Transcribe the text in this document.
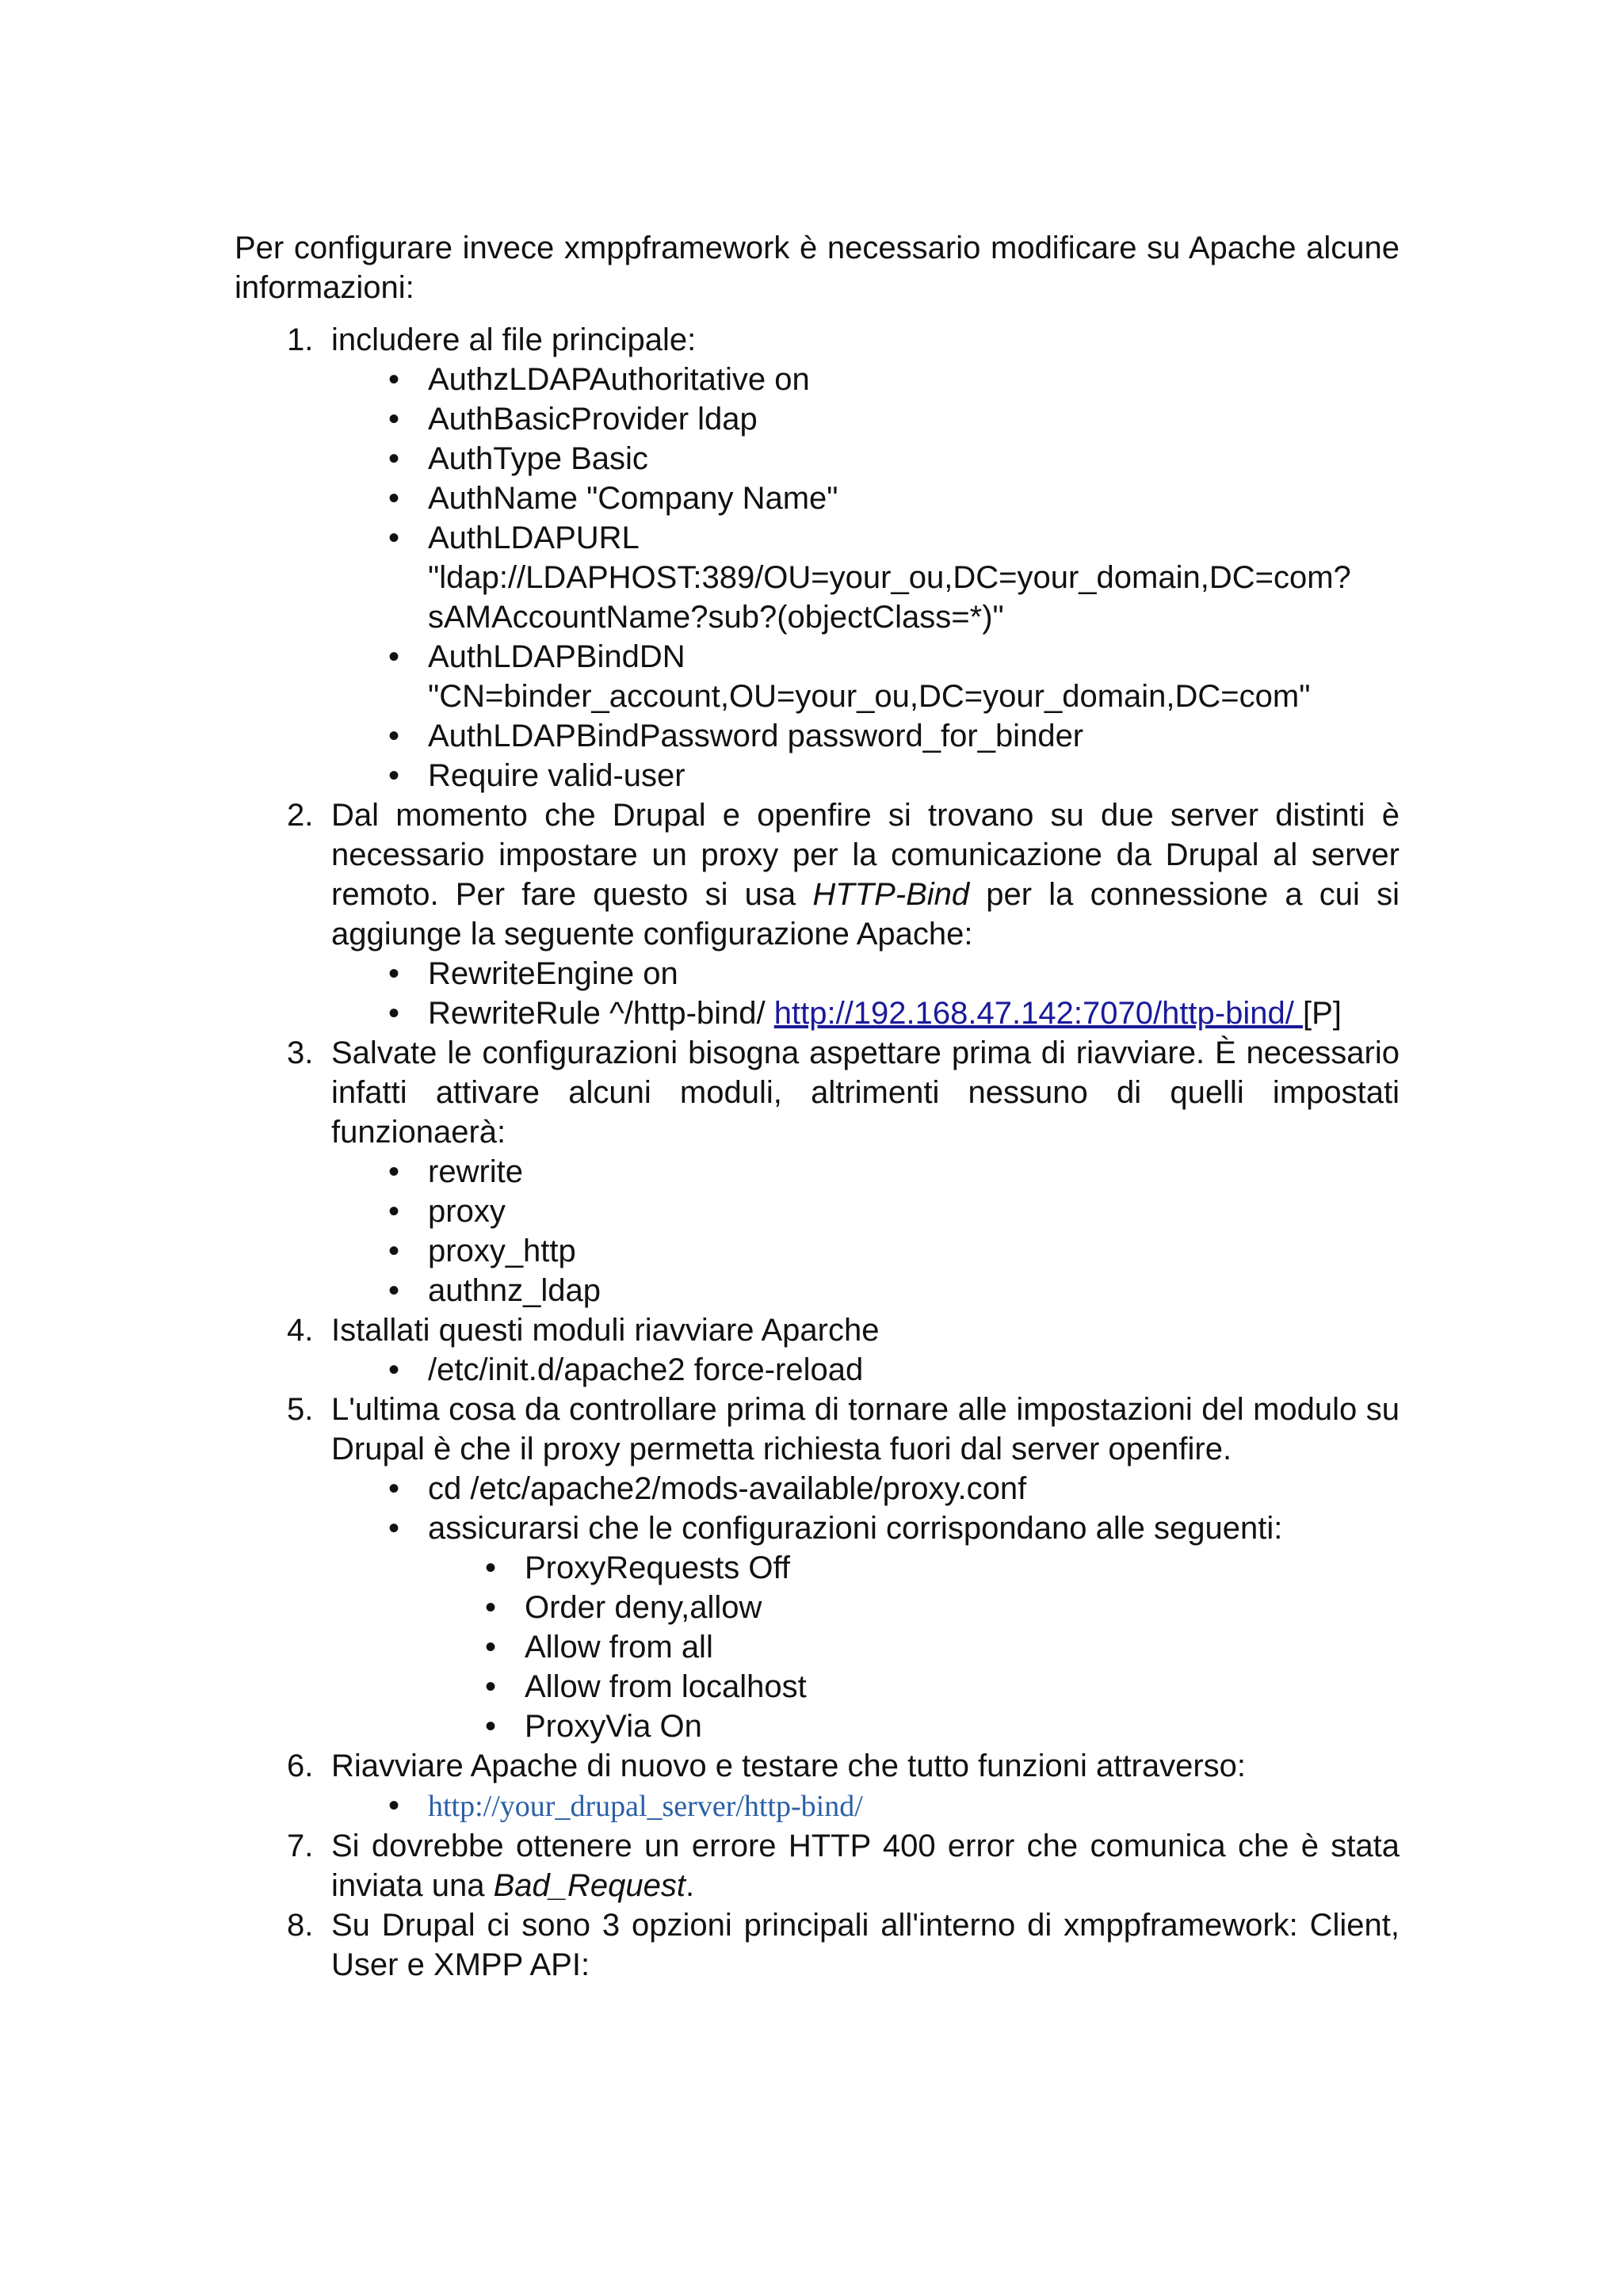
Per configurare invece xmppframework è necessario modificare su Apache alcune informazioni:

1. includere al file principale:
• AuthzLDAPAuthoritative on
• AuthBasicProvider ldap
• AuthType Basic
• AuthName "Company Name"
• AuthLDAPURL "ldap://LDAPHOST:389/OU=your_ou,DC=your_domain,DC=com?sAMAccountName?sub?(objectClass=*)"
• AuthLDAPBindDN "CN=binder_account,OU=your_ou,DC=your_domain,DC=com"
• AuthLDAPBindPassword password_for_binder
• Require valid-user
2. Dal momento che Drupal e openfire si trovano su due server distinti è necessario impostare un proxy per la comunicazione da Drupal al server remoto. Per fare questo si usa HTTP-Bind per la connessione a cui si aggiunge la seguente configurazione Apache:
• RewriteEngine on
• RewriteRule ^/http-bind/ http://192.168.47.142:7070/http-bind/ [P]
3. Salvate le configurazioni bisogna aspettare prima di riavviare. È necessario infatti attivare alcuni moduli, altrimenti nessuno di quelli impostati funzionaerà:
• rewrite
• proxy
• proxy_http
• authnz_ldap
4. Istallati questi moduli riavviare Aparche
• /etc/init.d/apache2 force-reload
5. L'ultima cosa da controllare prima di tornare alle impostazioni del modulo su Drupal è che il proxy permetta richiesta fuori dal server openfire.
• cd /etc/apache2/mods-available/proxy.conf
• assicurarsi che le configurazioni corrispondano alle seguenti:
• ProxyRequests Off
• Order deny,allow
• Allow from all
• Allow from localhost
• ProxyVia On
6. Riavviare Apache di nuovo e testare che tutto funzioni attraverso:
• http://your_drupal_server/http-bind/
7. Si dovrebbe ottenere un errore HTTP 400 error che comunica che è stata inviata una Bad_Request.
8. Su Drupal ci sono 3 opzioni principali all'interno di xmppframework: Client, User e XMPP API:
